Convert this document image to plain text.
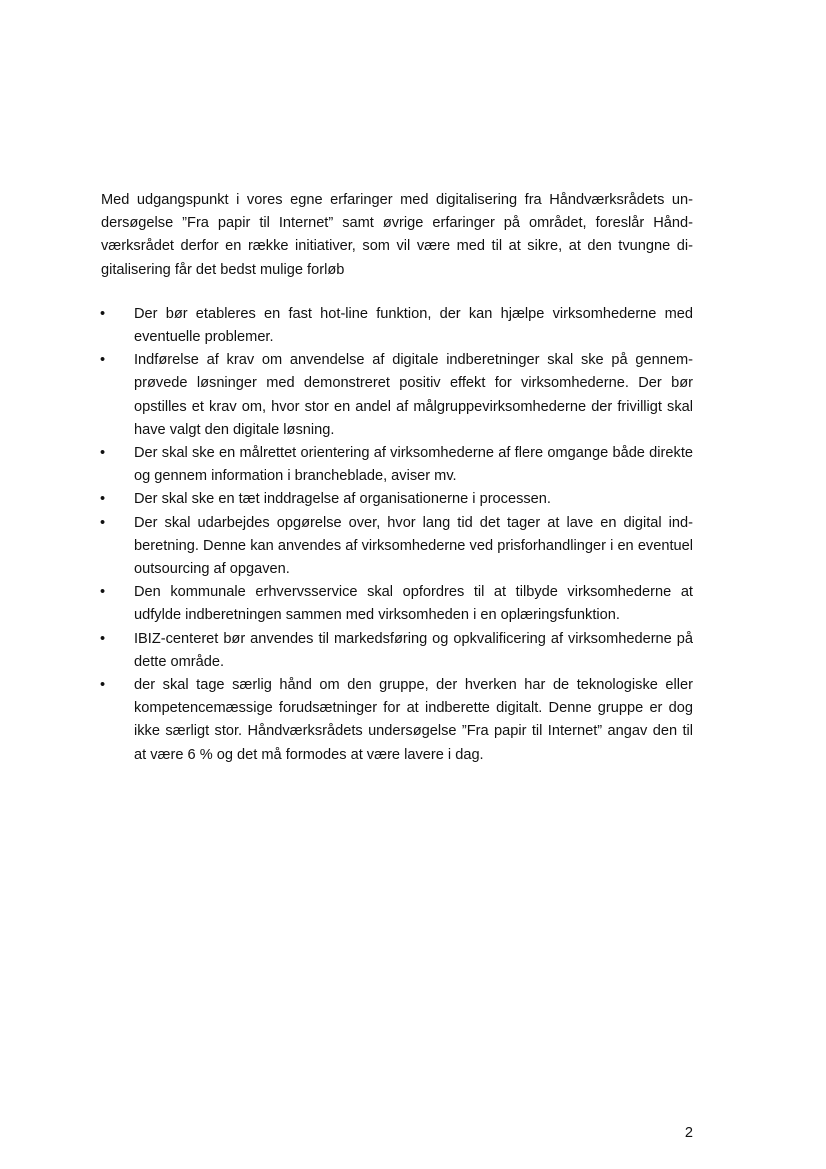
Med udgangspunkt i vores egne erfaringer med digitalisering fra Håndværksrådets undersøgelse ”Fra papir til Internet” samt øvrige erfaringer på området, foreslår Håndværksrådet derfor en række initiativer, som vil være med til at sikre, at den tvungne digitalisering får det bedst mulige forløb

•	Der bør etableres en fast hot-line funktion, der kan hjælpe virksomhederne med eventuelle problemer.
•	Indførelse af krav om anvendelse af digitale indberetninger skal ske på gennemprøvede løsninger med demonstreret positiv effekt for virksomhederne. Der bør opstilles et krav om, hvor stor en andel af målgruppevirksomhederne der frivilligt skal have valgt den digitale løsning.
•	Der skal ske en målrettet orientering af virksomhederne af flere omgange både direkte og gennem information i brancheblade, aviser mv.
•	Der skal ske en tæt inddragelse af organisationerne i processen.
•	Der skal udarbejdes opgørelse over, hvor lang tid det tager at lave en digital indberetning. Denne kan anvendes af virksomhederne ved prisforhandlinger i en eventuel outsourcing af opgaven.
•	Den kommunale erhvervsservice skal opfordres til at tilbyde virksomhederne at udfylde indberetningen sammen med virksomheden i en oplæringsfunktion.
•	IBIZ-centeret bør anvendes til markedsføring og opkvalificering af virksomhederne på dette område.
•	der skal tage særlig hånd om den gruppe, der hverken har de teknologiske eller kompetencemæssige forudsætninger for at indberette digitalt. Denne gruppe er dog ikke særligt stor. Håndværksrådets undersøgelse ”Fra papir til Internet” angav den til at være 6 % og det må formodes at være lavere i dag.
2
